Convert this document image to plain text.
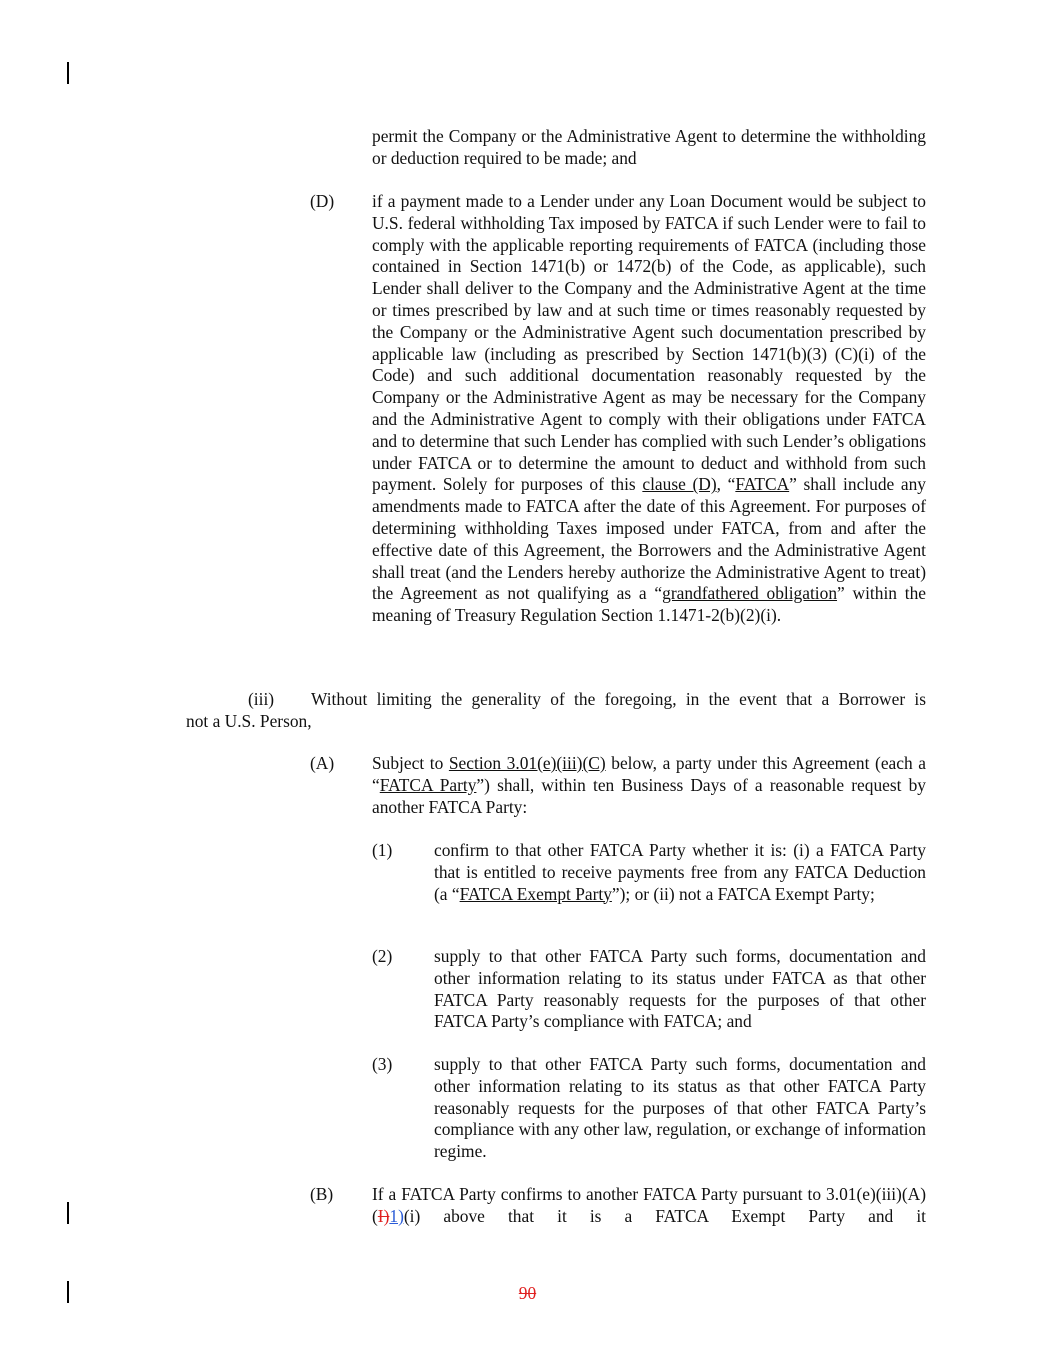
permit the Company or the Administrative Agent to determine the withholding or deduction required to be made; and

(D) if a payment made to a Lender under any Loan Document would be subject to U.S. federal withholding Tax imposed by FATCA if such Lender were to fail to comply with the applicable reporting requirements of FATCA (including those contained in Section 1471(b) or 1472(b) of the Code, as applicable), such Lender shall deliver to the Company and the Administrative Agent at the time or times prescribed by law and at such time or times reasonably requested by the Company or the Administrative Agent such documentation prescribed by applicable law (including as prescribed by Section 1471(b)(3) (C)(i) of the Code) and such additional documentation reasonably requested by the Company or the Administrative Agent as may be necessary for the Company and the Administrative Agent to comply with their obligations under FATCA and to determine that such Lender has complied with such Lender’s obligations under FATCA or to determine the amount to deduct and withhold from such payment. Solely for purposes of this clause (D), “FATCA” shall include any amendments made to FATCA after the date of this Agreement. For purposes of determining withholding Taxes imposed under FATCA, from and after the effective date of this Agreement, the Borrowers and the Administrative Agent shall treat (and the Lenders hereby authorize the Administrative Agent to treat) the Agreement as not qualifying as a “grandfathered obligation” within the meaning of Treasury Regulation Section 1.1471-2(b)(2)(i).

(iii) Without limiting the generality of the foregoing, in the event that a Borrower is

not a U.S. Person,

(A) Subject to Section 3.01(e)(iii)(C) below, a party under this Agreement (each a “FATCA Party”) shall, within ten Business Days of a reasonable request by another FATCA Party:

(1) confirm to that other FATCA Party whether it is: (i) a FATCA Party that is entitled to receive payments free from any FATCA Deduction (a “FATCA Exempt Party”); or (ii) not a FATCA Exempt Party;

(2) supply to that other FATCA Party such forms, documentation and other information relating to its status under FATCA as that other FATCA Party reasonably requests for the purposes of that other FATCA Party’s compliance with FATCA; and

(3) supply to that other FATCA Party such forms, documentation and other information relating to its status as that other FATCA Party reasonably requests for the purposes of that other FATCA Party’s compliance with any other law, regulation, or exchange of information regime.

(B) If a FATCA Party confirms to another FATCA Party pursuant to 3.01(e)(iii)(A)(I)1)(i) above that it is a FATCA Exempt Party and it

90
